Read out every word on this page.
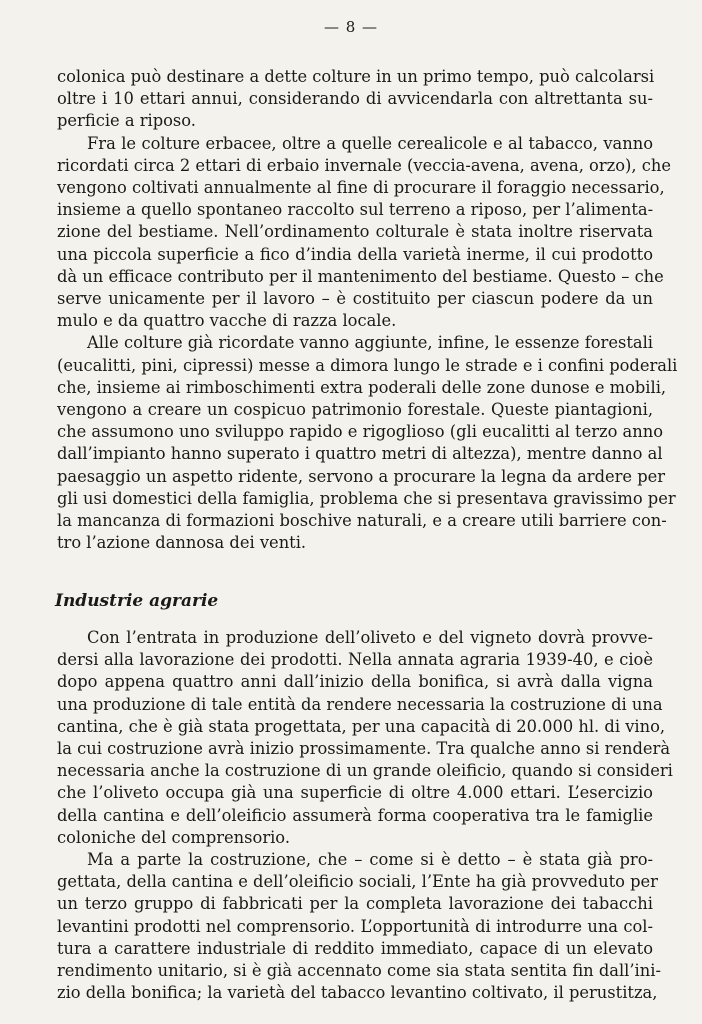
— 8 —
colonica può destinare a dette colture in un primo tempo, può calcolarsi
oltre i 10 ettari annui, considerando di avvicendarla con altrettanta su-
perficie a riposo.
Fra le colture erbacee, oltre a quelle cerealicole e al tabacco, vanno
ricordati circa 2 ettari di erbaio invernale (veccia-avena, avena, orzo), che
vengono coltivati annualmente al fine di procurare il foraggio necessario,
insieme a quello spontaneo raccolto sul terreno a riposo, per l’alimenta-
zione del bestiame. Nell’ordinamento colturale è stata inoltre riservata
una piccola superficie a fico d’india della varietà inerme, il cui prodotto
dà un efficace contributo per il mantenimento del bestiame. Questo – che
serve unicamente per il lavoro – è costituito per ciascun podere da un
mulo e da quattro vacche di razza locale.
Alle colture già ricordate vanno aggiunte, infine, le essenze forestali
(eucalitti, pini, cipressi) messe a dimora lungo le strade e i confini poderali
che, insieme ai rimboschimenti extra poderali delle zone dunose e mobili,
vengono a creare un cospicuo patrimonio forestale. Queste piantagioni,
che assumono uno sviluppo rapido e rigoglioso (gli eucalitti al terzo anno
dall’impianto hanno superato i quattro metri di altezza), mentre danno al
paesaggio un aspetto ridente, servono a procurare la legna da ardere per
gli usi domestici della famiglia, problema che si presentava gravissimo per
la mancanza di formazioni boschive naturali, e a creare utili barriere con-
tro l’azione dannosa dei venti.
Industrie agrarie
Con l’entrata in produzione dell’oliveto e del vigneto dovrà provve-
dersi alla lavorazione dei prodotti. Nella annata agraria 1939-40, e cioè
dopo appena quattro anni dall’inizio della bonifica, si avrà dalla vigna
una produzione di tale entità da rendere necessaria la costruzione di una
cantina, che è già stata progettata, per una capacità di 20.000 hl. di vino,
la cui costruzione avrà inizio prossimamente. Tra qualche anno si renderà
necessaria anche la costruzione di un grande oleificio, quando si consideri
che l’oliveto occupa già una superficie di oltre 4.000 ettari. L’esercizio
della cantina e dell’oleificio assumerà forma cooperativa tra le famiglie
coloniche del comprensorio.
Ma a parte la costruzione, che – come si è detto – è stata già pro-
gettata, della cantina e dell’oleificio sociali, l’Ente ha già provveduto per
un terzo gruppo di fabbricati per la completa lavorazione dei tabacchi
levantini prodotti nel comprensorio. L’opportunità di introdurre una col-
tura a carattere industriale di reddito immediato, capace di un elevato
rendimento unitario, si è già accennato come sia stata sentita fin dall’ini-
zio della bonifica; la varietà del tabacco levantino coltivato, il perustitza,
